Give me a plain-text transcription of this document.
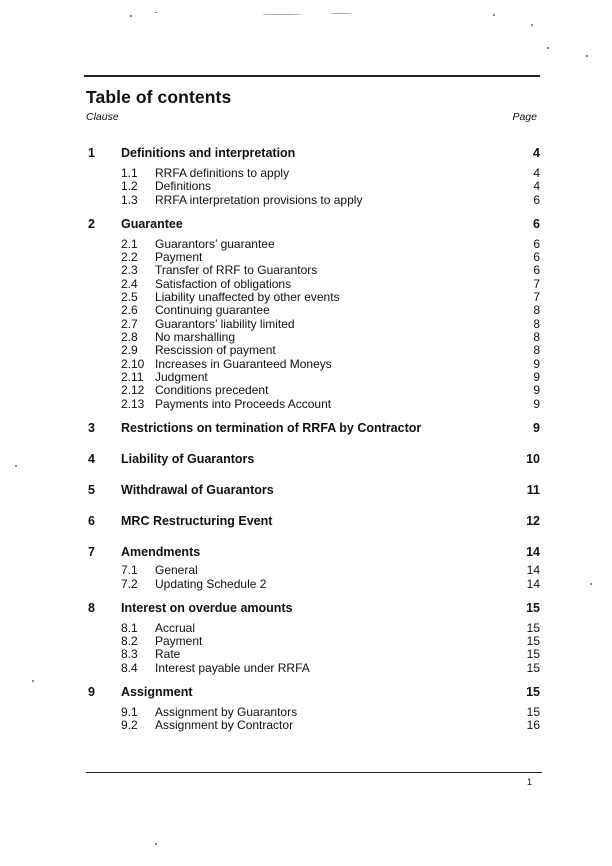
Table of contents
Clause	Page
1 Definitions and interpretation	4
1.1 RRFA definitions to apply	4
1.2 Definitions	4
1.3 RRFA interpretation provisions to apply	6
2 Guarantee	6
2.1 Guarantors’ guarantee	6
2.2 Payment	6
2.3 Transfer of RRF to Guarantors	6
2.4 Satisfaction of obligations	7
2.5 Liability unaffected by other events	7
2.6 Continuing guarantee	8
2.7 Guarantors’ liability limited	8
2.8 No marshalling	8
2.9 Rescission of payment	8
2.10 Increases in Guaranteed Moneys	9
2.11 Judgment	9
2.12 Conditions precedent	9
2.13 Payments into Proceeds Account	9
3 Restrictions on termination of RRFA by Contractor	9
4 Liability of Guarantors	10
5 Withdrawal of Guarantors	11
6 MRC Restructuring Event	12
7 Amendments	14
7.1 General	14
7.2 Updating Schedule 2	14
8 Interest on overdue amounts	15
8.1 Accrual	15
8.2 Payment	15
8.3 Rate	15
8.4 Interest payable under RRFA	15
9 Assignment	15
9.1 Assignment by Guarantors	15
9.2 Assignment by Contractor	16
1
